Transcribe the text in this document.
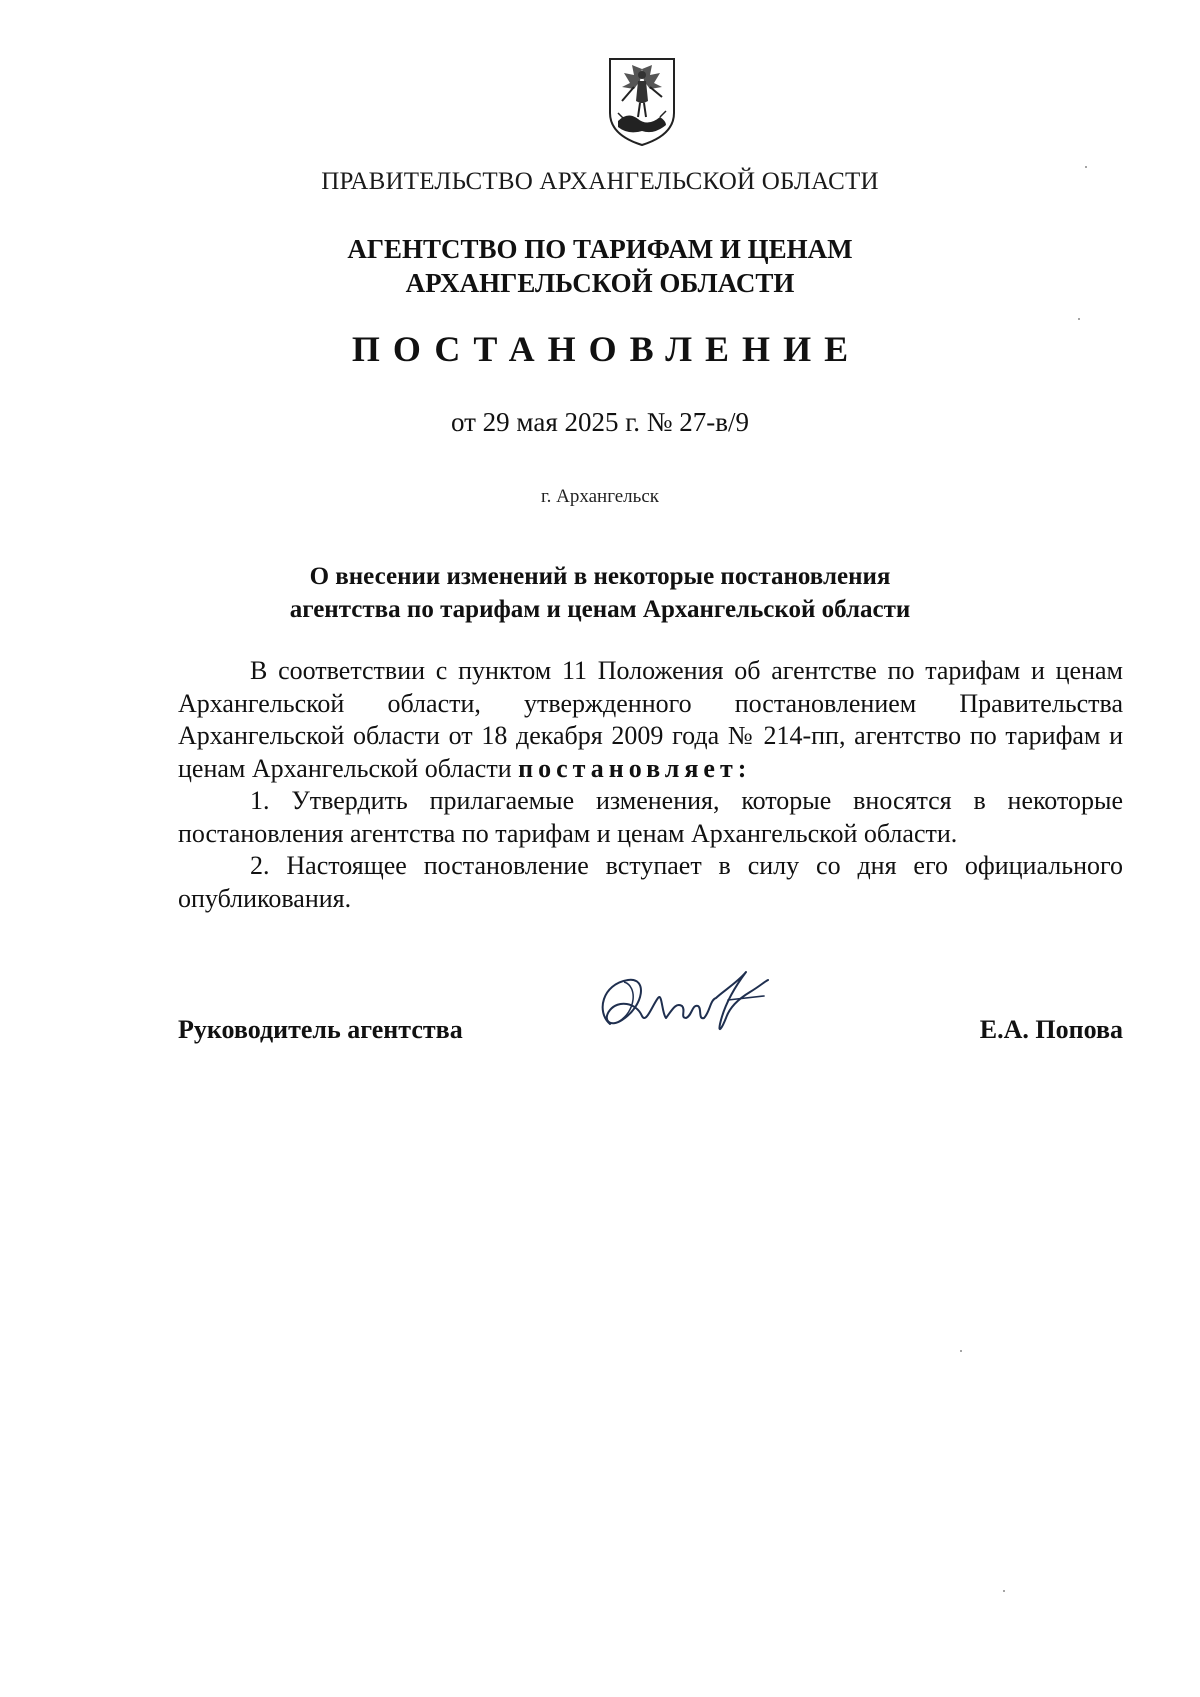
ПРАВИТЕЛЬСТВО АРХАНГЕЛЬСКОЙ ОБЛАСТИ
АГЕНТСТВО ПО ТАРИФАМ И ЦЕНАМ
АРХАНГЕЛЬСКОЙ ОБЛАСТИ
ПОСТАНОВЛЕНИЕ
от 29 мая 2025 г. № 27-в/9
г. Архангельск
О внесении изменений в некоторые постановления
агентства по тарифам и ценам Архангельской области

В соответствии с пунктом 11 Положения об агентстве по тарифам и ценам Архангельской области, утвержденного постановлением Правительства Архангельской области от 18 декабря 2009 года № 214-пп, агентство по тарифам и ценам Архангельской области постановляет:

1. Утвердить прилагаемые изменения, которые вносятся в некоторые постановления агентства по тарифам и ценам Архангельской области.

2. Настоящее постановление вступает в силу со дня его официального опубликования.

Руководитель агентства	Е.А. Попова
